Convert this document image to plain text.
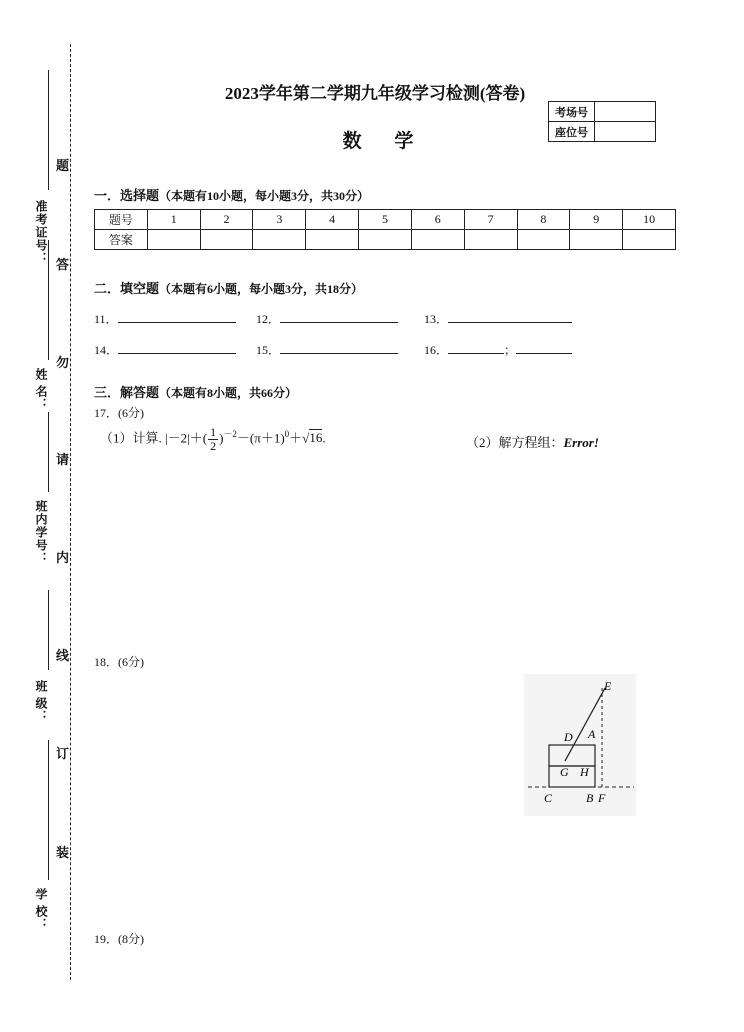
准考证号：
姓 名：
班内学号：
班 级：
学 校：
题
答
勿
请
内
线
订
装
2023学年第二学期九年级学习检测(答卷)
数 学
考场号	
座位号	
一．选择题（本题有10小题，每小题3分，共30分）
题号	1	2	3	4	5	6	7	8	9	10
答案										
二．填空题（本题有6小题，每小题3分，共18分）
11．	12．	13．
14．	15．	16．	；
三．解答题（本题有8小题，共66分）
17．(6分)
（1）计算. $|-2|+( \frac{1}{2} )^{-2}-(\pi+1)^0+√16$.	（2）解方程组：Error!
18．(6分)
E
D A
G H
C	B F
19．(8分)
